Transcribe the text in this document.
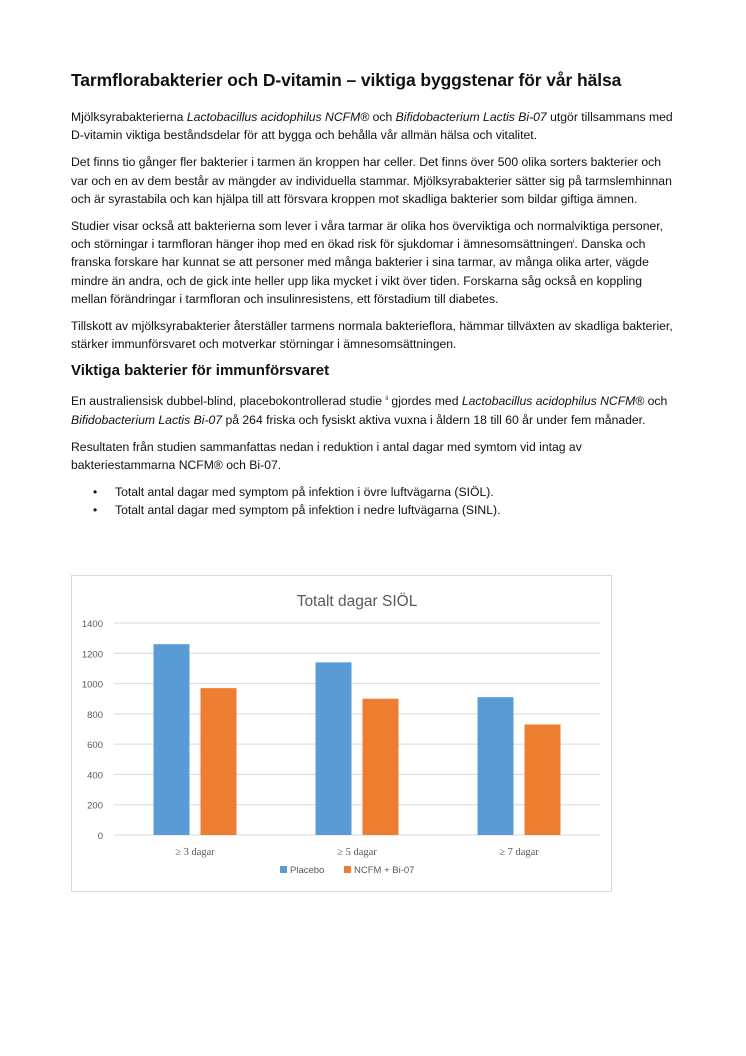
Tarmflorabakterier och D-vitamin – viktiga byggstenar för vår hälsa

Mjölksyrabakterierna Lactobacillus acidophilus NCFM® och Bifidobacterium Lactis Bi-07 utgör tillsammans med D-vitamin viktiga beståndsdelar för att bygga och behålla vår allmän hälsa och vitalitet.

Det finns tio gånger fler bakterier i tarmen än kroppen har celler. Det finns över 500 olika sorters bakterier och var och en av dem består av mängder av individuella stammar. Mjölksyrabakterier sätter sig på tarmslemhinnan och är syrastabila och kan hjälpa till att försvara kroppen mot skadliga bakterier som bildar giftiga ämnen.

Studier visar också att bakterierna som lever i våra tarmar är olika hos överviktiga och normalviktiga personer, och störningar i tarmfloran hänger ihop med en ökad risk för sjukdomar i ämnesomsättningen$^i$. Danska och franska forskare har kunnat se att personer med många bakterier i sina tarmar, av många olika arter, vägde mindre än andra, och de gick inte heller upp lika mycket i vikt över tiden. Forskarna såg också en koppling mellan förändringar i tarmfloran och insulinresistens, ett förstadium till diabetes.

Tillskott av mjölksyrabakterier återställer tarmens normala bakterieflora, hämmar tillväxten av skadliga bakterier, stärker immunförsvaret och motverkar störningar i ämnesomsättningen.

Viktiga bakterier för immunförsvaret

En australiensisk dubbel-blind, placebokontrollerad studie $^{ii}$ gjordes med Lactobacillus acidophilus NCFM® och Bifidobacterium Lactis Bi-07 på 264 friska och fysiskt aktiva vuxna i åldern 18 till 60 år under fem månader.

Resultaten från studien sammanfattas nedan i reduktion i antal dagar med symtom vid intag av bakteriestammarna NCFM® och Bi-07.

• Totalt antal dagar med symptom på infektion i övre luftvägarna (SIÖL).
• Totalt antal dagar med symptom på infektion i nedre luftvägarna (SINL).
Totalt dagar SIÖL
0
200
400
600
800
1000
1200
1400
≥ 3 dagar	≥ 5 dagar	≥ 7 dagar
Placebo	NCFM + Bi-07
